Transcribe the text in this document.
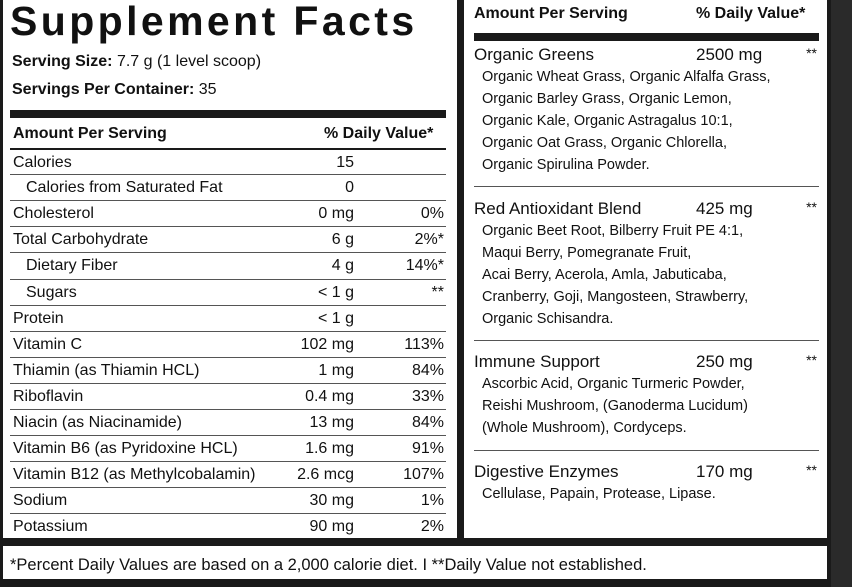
Supplement Facts
Serving Size: 7.7 g (1 level scoop)
Servings Per Container: 35
Amount Per Serving	% Daily Value*
Calories	15
Calories from Saturated Fat	0
Cholesterol	0 mg	0%
Total Carbohydrate	6 g	2%*
Dietary Fiber	4 g	14%*
Sugars	< 1 g	**
Protein	< 1 g
Vitamin C	102 mg	113%
Thiamin (as Thiamin HCL)	1 mg	84%
Riboflavin	0.4 mg	33%
Niacin (as Niacinamide)	13 mg	84%
Vitamin B6 (as Pyridoxine HCL)	1.6 mg	91%
Vitamin B12 (as Methylcobalamin)	2.6 mcg	107%
Sodium	30 mg	1%
Potassium	90 mg	2%
Amount Per Serving	% Daily Value*
Organic Greens	2500 mg	**
Organic Wheat Grass, Organic Alfalfa Grass,
Organic Barley Grass, Organic Lemon,
Organic Kale, Organic Astragalus 10:1,
Organic Oat Grass, Organic Chlorella,
Organic Spirulina Powder.
Red Antioxidant Blend	425 mg	**
Organic Beet Root, Bilberry Fruit PE 4:1,
Maqui Berry, Pomegranate Fruit,
Acai Berry, Acerola, Amla, Jabuticaba,
Cranberry, Goji, Mangosteen, Strawberry,
Organic Schisandra.
Immune Support	250 mg	**
Ascorbic Acid, Organic Turmeric Powder,
Reishi Mushroom, (Ganoderma Lucidum)
(Whole Mushroom), Cordyceps.
Digestive Enzymes	170 mg	**
Cellulase, Papain, Protease, Lipase.
*Percent Daily Values are based on a 2,000 calorie diet. I **Daily Value not established.
